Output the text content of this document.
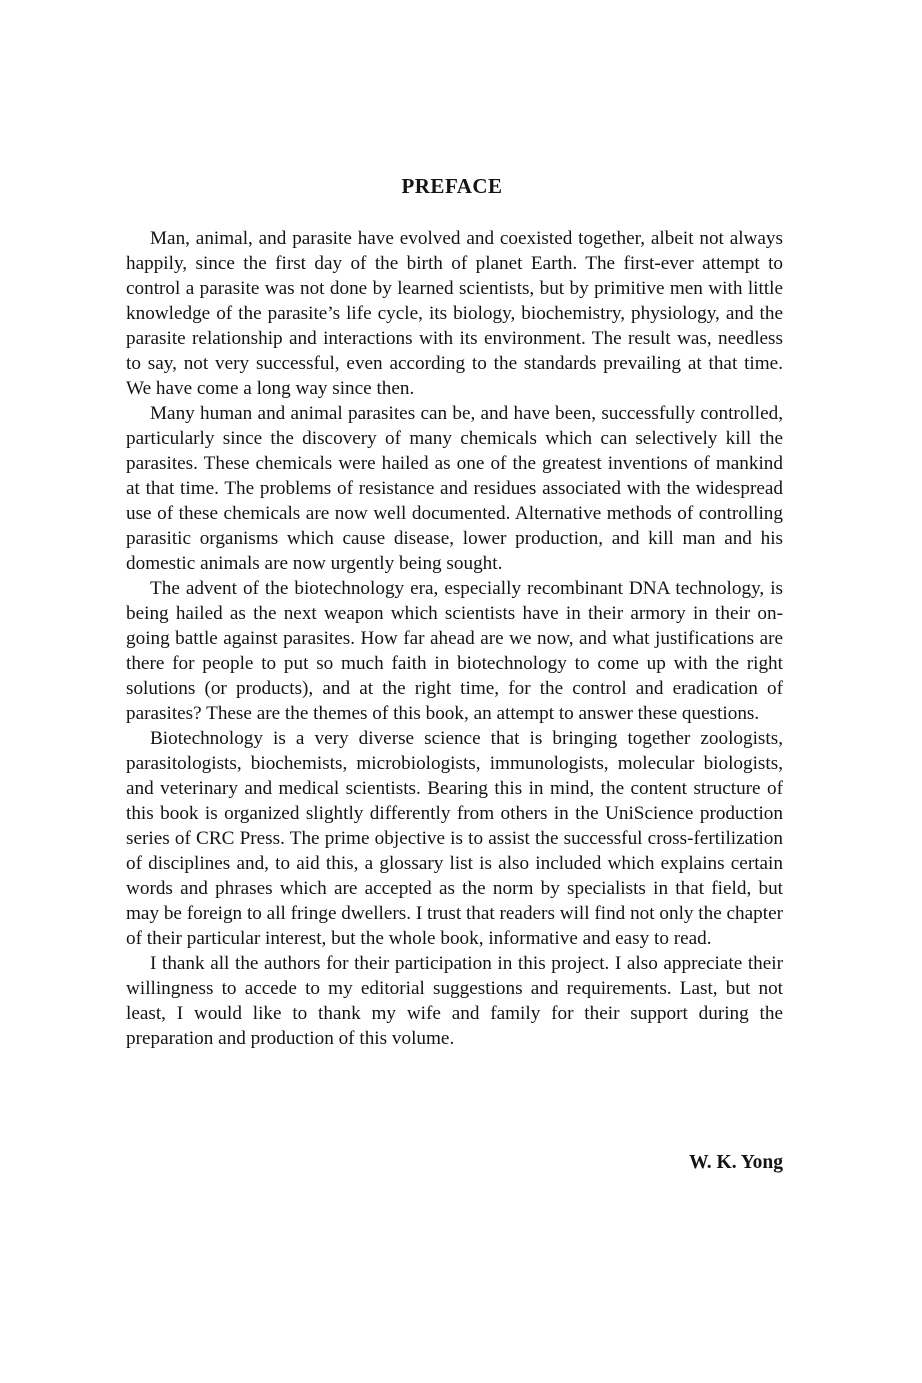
PREFACE

Man, animal, and parasite have evolved and coexisted together, albeit not always happily, since the first day of the birth of planet Earth. The first-ever attempt to control a parasite was not done by learned scientists, but by primitive men with little knowledge of the parasite’s life cycle, its biology, biochemistry, physiology, and the parasite relationship and interactions with its environment. The result was, needless to say, not very successful, even according to the standards prevailing at that time. We have come a long way since then.

Many human and animal parasites can be, and have been, successfully controlled, particularly since the discovery of many chemicals which can selectively kill the parasites. These chemicals were hailed as one of the greatest inventions of mankind at that time. The problems of resistance and residues associated with the widespread use of these chemicals are now well documented. Alternative methods of controlling parasitic organisms which cause disease, lower production, and kill man and his domestic animals are now urgently being sought.

The advent of the biotechnology era, especially recombinant DNA technology, is being hailed as the next weapon which scientists have in their armory in their on-going battle against parasites. How far ahead are we now, and what justifications are there for people to put so much faith in biotechnology to come up with the right solutions (or products), and at the right time, for the control and eradication of parasites? These are the themes of this book, an attempt to answer these questions.

Biotechnology is a very diverse science that is bringing together zoologists, parasitologists, biochemists, microbiologists, immunologists, molecular biologists, and veterinary and medical scientists. Bearing this in mind, the content structure of this book is organized slightly differently from others in the UniScience production series of CRC Press. The prime objective is to assist the successful cross-fertilization of disciplines and, to aid this, a glossary list is also included which explains certain words and phrases which are accepted as the norm by specialists in that field, but may be foreign to all fringe dwellers. I trust that readers will find not only the chapter of their particular interest, but the whole book, informative and easy to read.

I thank all the authors for their participation in this project. I also appreciate their willingness to accede to my editorial suggestions and requirements. Last, but not least, I would like to thank my wife and family for their support during the preparation and production of this volume.

W. K. Yong
